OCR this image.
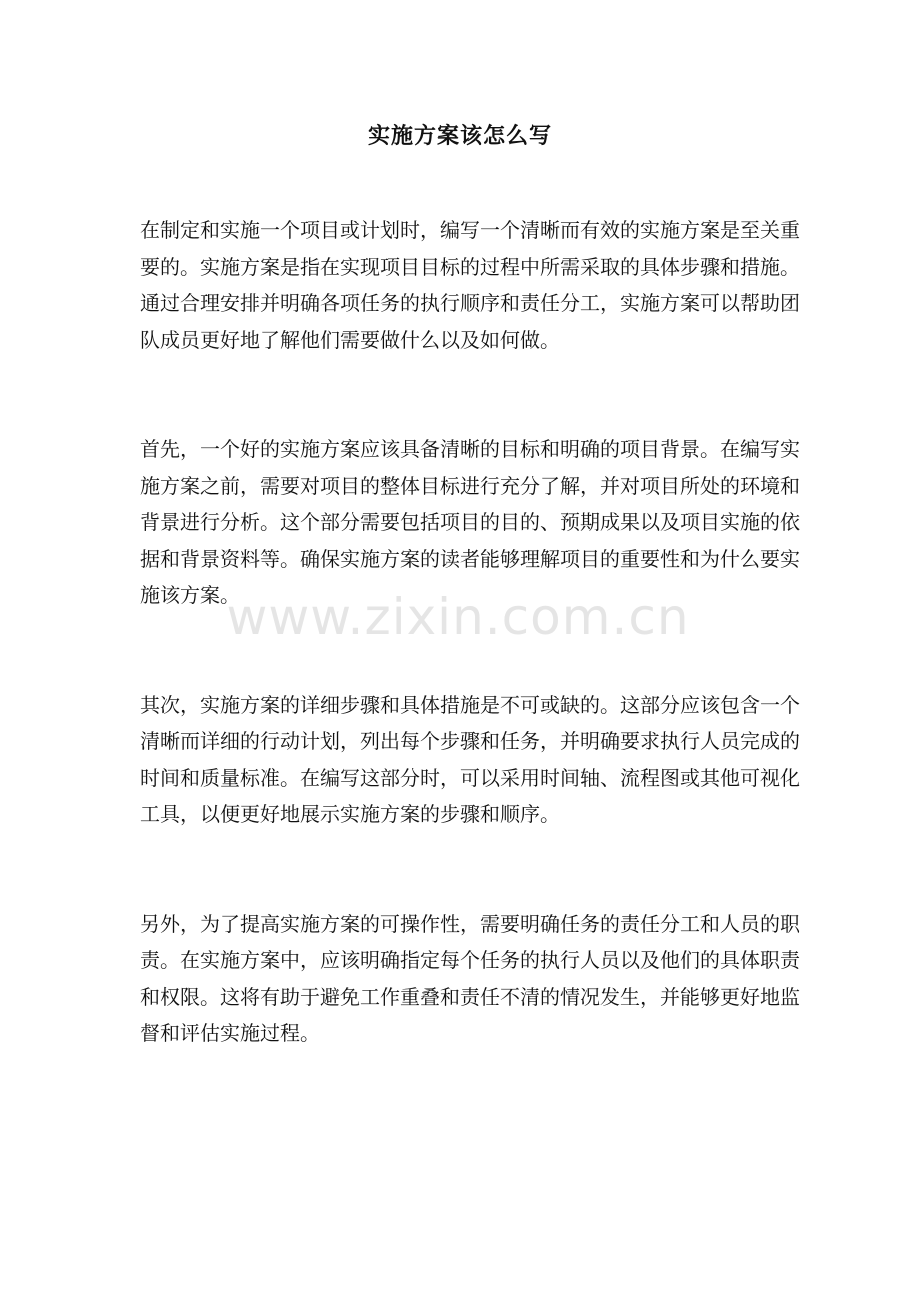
实施方案该怎么写

在制定和实施一个项目或计划时，编写一个清晰而有效的实施方案是至关重要的。实施方案是指在实现项目目标的过程中所需采取的具体步骤和措施。通过合理安排并明确各项任务的执行顺序和责任分工，实施方案可以帮助团队成员更好地了解他们需要做什么以及如何做。

首先，一个好的实施方案应该具备清晰的目标和明确的项目背景。在编写实施方案之前，需要对项目的整体目标进行充分了解，并对项目所处的环境和背景进行分析。这个部分需要包括项目的目的、预期成果以及项目实施的依据和背景资料等。确保实施方案的读者能够理解项目的重要性和为什么要实施该方案。

其次，实施方案的详细步骤和具体措施是不可或缺的。这部分应该包含一个清晰而详细的行动计划，列出每个步骤和任务，并明确要求执行人员完成的时间和质量标准。在编写这部分时，可以采用时间轴、流程图或其他可视化工具，以便更好地展示实施方案的步骤和顺序。

另外，为了提高实施方案的可操作性，需要明确任务的责任分工和人员的职责。在实施方案中，应该明确指定每个任务的执行人员以及他们的具体职责和权限。这将有助于避免工作重叠和责任不清的情况发生，并能够更好地监督和评估实施过程。

www.zixin.com.cn
